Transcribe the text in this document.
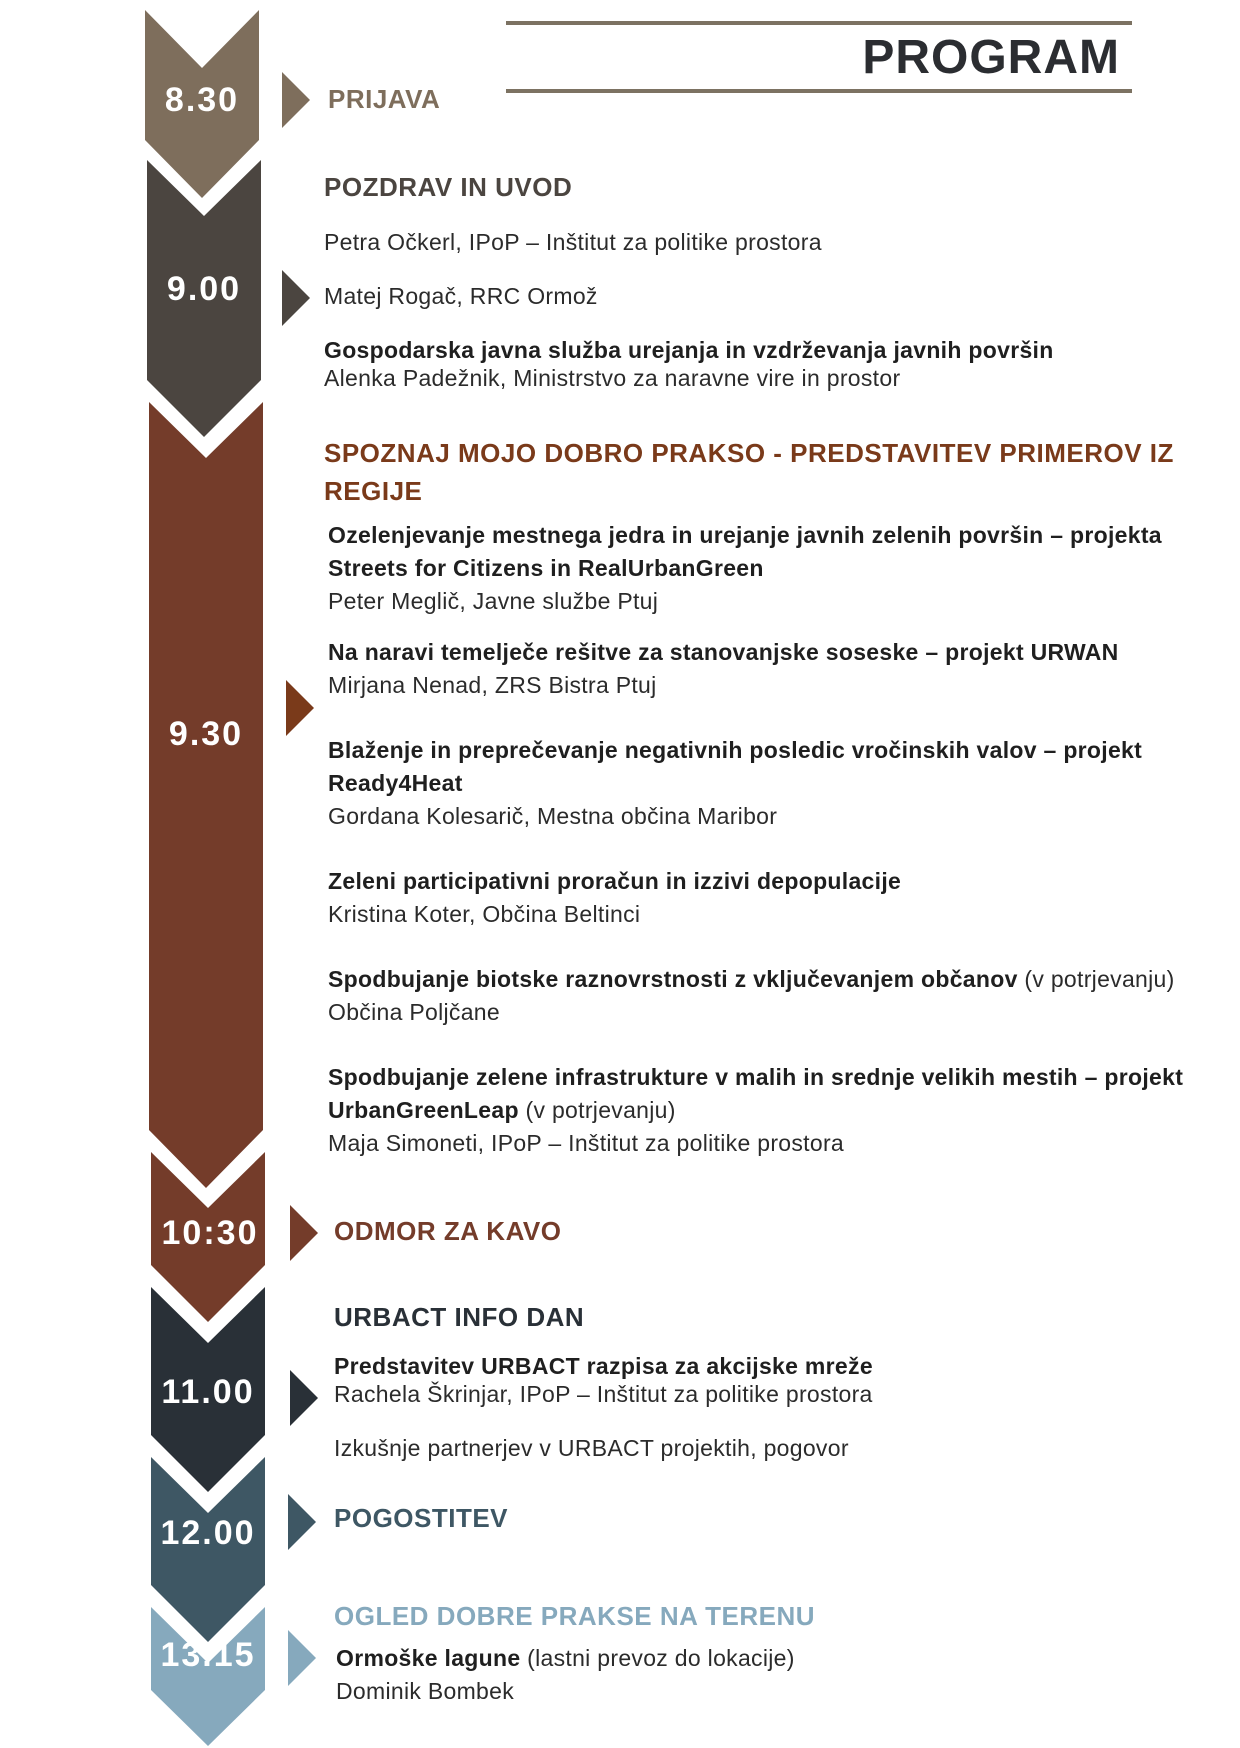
8.30
9.00
9.30
10:30
11.00
12.00
13.15
PROGRAM
PRIJAVA
POZDRAV IN UVOD
Petra Očkerl, IPoP – Inštitut za politike prostora
Matej Rogač, RRC Ormož
Gospodarska javna služba urejanja in vzdrževanja javnih površin
Alenka Padežnik, Ministrstvo za naravne vire in prostor
SPOZNAJ MOJO DOBRO PRAKSO - PREDSTAVITEV PRIMEROV IZ REGIJE
Ozelenjevanje mestnega jedra in urejanje javnih zelenih površin – projekta Streets for Citizens in RealUrbanGreen
Peter Meglič, Javne službe Ptuj
Na naravi temelječe rešitve za stanovanjske soseske – projekt URWAN
Mirjana Nenad, ZRS Bistra Ptuj
Blaženje in preprečevanje negativnih posledic vročinskih valov – projekt Ready4Heat
Gordana Kolesarič, Mestna občina Maribor
Zeleni participativni proračun in izzivi depopulacije
Kristina Koter, Občina Beltinci
Spodbujanje biotske raznovrstnosti z vključevanjem občanov (v potrjevanju)
Občina Poljčane
Spodbujanje zelene infrastrukture v malih in srednje velikih mestih – projekt UrbanGreenLeap (v potrjevanju)
Maja Simoneti, IPoP – Inštitut za politike prostora
ODMOR ZA KAVO
URBACT INFO DAN
Predstavitev URBACT razpisa za akcijske mreže
Rachela Škrinjar, IPoP – Inštitut za politike prostora
Izkušnje partnerjev v URBACT projektih, pogovor
POGOSTITEV
OGLED DOBRE PRAKSE NA TERENU
Ormoške lagune (lastni prevoz do lokacije)
Dominik Bombek
